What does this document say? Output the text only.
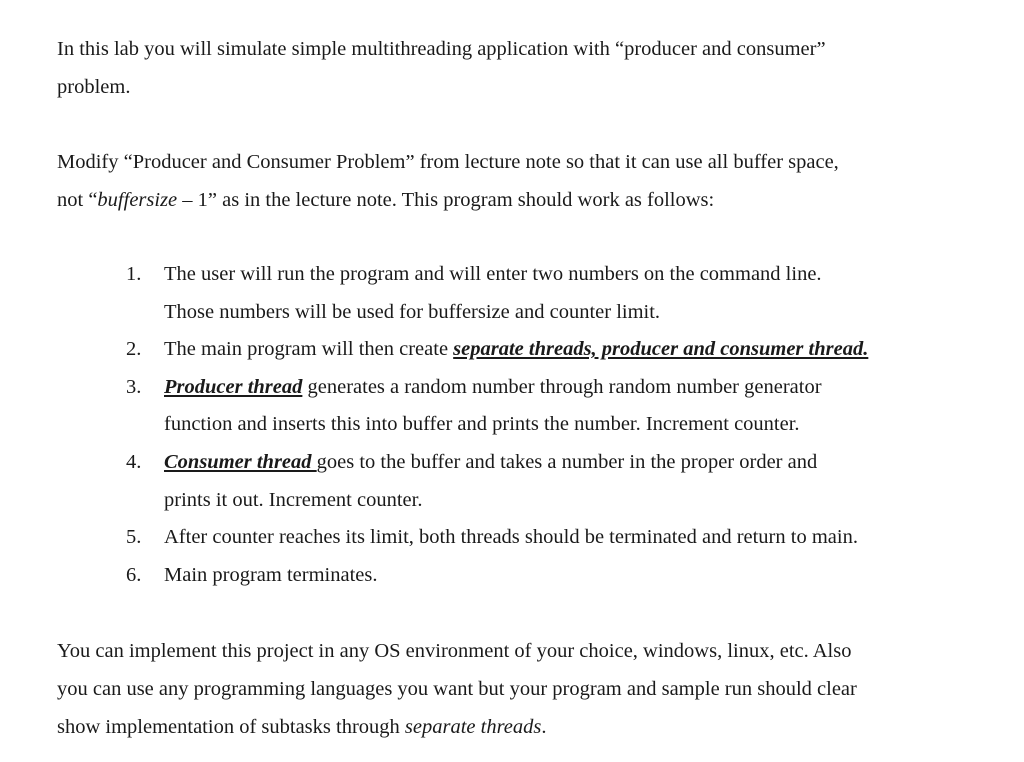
In this lab you will simulate simple multithreading application with “producer and consumer”
problem.

Modify “Producer and Consumer Problem” from lecture note so that it can use all buffer space,
not “buffersize – 1” as in the lecture note. This program should work as follows:

1. The user will run the program and will enter two numbers on the command line.
Those numbers will be used for buffersize and counter limit.
2. The main program will then create separate threads, producer and consumer thread.
3. Producer thread generates a random number through random number generator
function and inserts this into buffer and prints the number. Increment counter.
4. Consumer thread goes to the buffer and takes a number in the proper order and
prints it out. Increment counter.
5. After counter reaches its limit, both threads should be terminated and return to main.
6. Main program terminates.

You can implement this project in any OS environment of your choice, windows, linux, etc. Also
you can use any programming languages you want but your program and sample run should clear
show implementation of subtasks through separate threads.
